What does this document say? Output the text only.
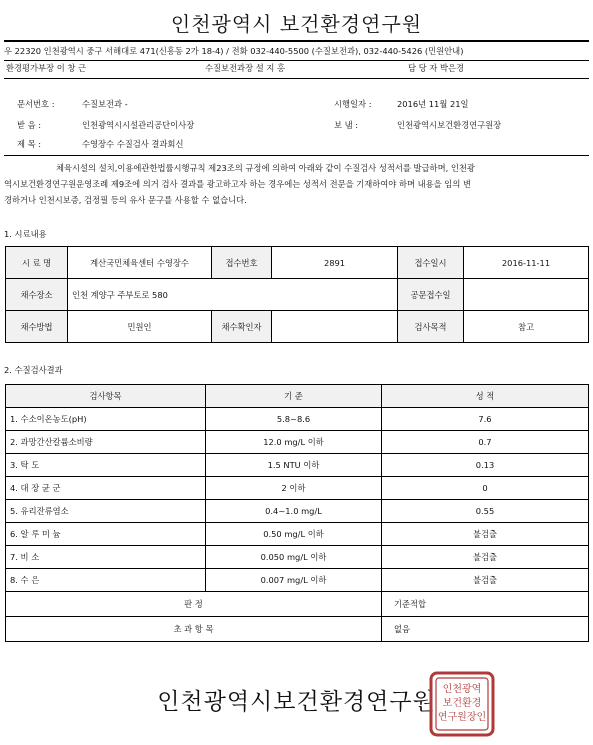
인천광역시 보건환경연구원
우 22320 인천광역시 중구 서해대로 471(신흥동 2가 18-4) / 전화 032-440-5500 (수질보전과), 032-440-5426 (민원안내)
환경평가부장 이 창 근	수질보전과장 설 지 홍	담 당 자 박은경
문서번호 :	수질보전과 -	시행일자 :	2016년 11월 21일
받 음 :	인천광역시시설관리공단이사장	보 냄 :	인천광역시보건환경연구원장
제 목 :	수영장수 수질검사 결과회신
체육시설의 설치,이용에관한법률시행규칙 제23조의 규정에 의하여 아래와 같이 수질검사 성적서를 발급하며, 인천광
역시보건환경연구원운영조례 제9조에 의거 검사 결과를 광고하고자 하는 경우에는 성적서 전문을 기재하여야 하며 내용을 임의 변
경하거나 인천시보증, 검정필 등의 유사 문구를 사용할 수 없습니다.
1. 시료내용
시 료 명	계산국민체육센터 수영장수	접수번호	2891	접수일시	2016-11-11
채수장소	인천 계양구 주부토로 580			공문접수일	
채수방법	민원인	채수확인자		검사목적	참고
2. 수질검사결과
검사항목	기 준	성 적
1. 수소이온농도(pH)	5.8~8.6	7.6
2. 과망간산칼륨소비량	12.0 mg/L 이하	0.7
3. 탁 도	1.5 NTU 이하	0.13
4. 대 장 균 군	2 이하	0
5. 유리잔류염소	0.4~1.0 mg/L	0.55
6. 알 루 미 늄	0.50 mg/L 이하	불검출
7. 비 소	0.050 mg/L 이하	불검출
8. 수 은	0.007 mg/L 이하	불검출
판 정		기준적합
초 과 항 목		없음
인천광역시보건환경연구원 인천광역
보건환경
연구원장인
